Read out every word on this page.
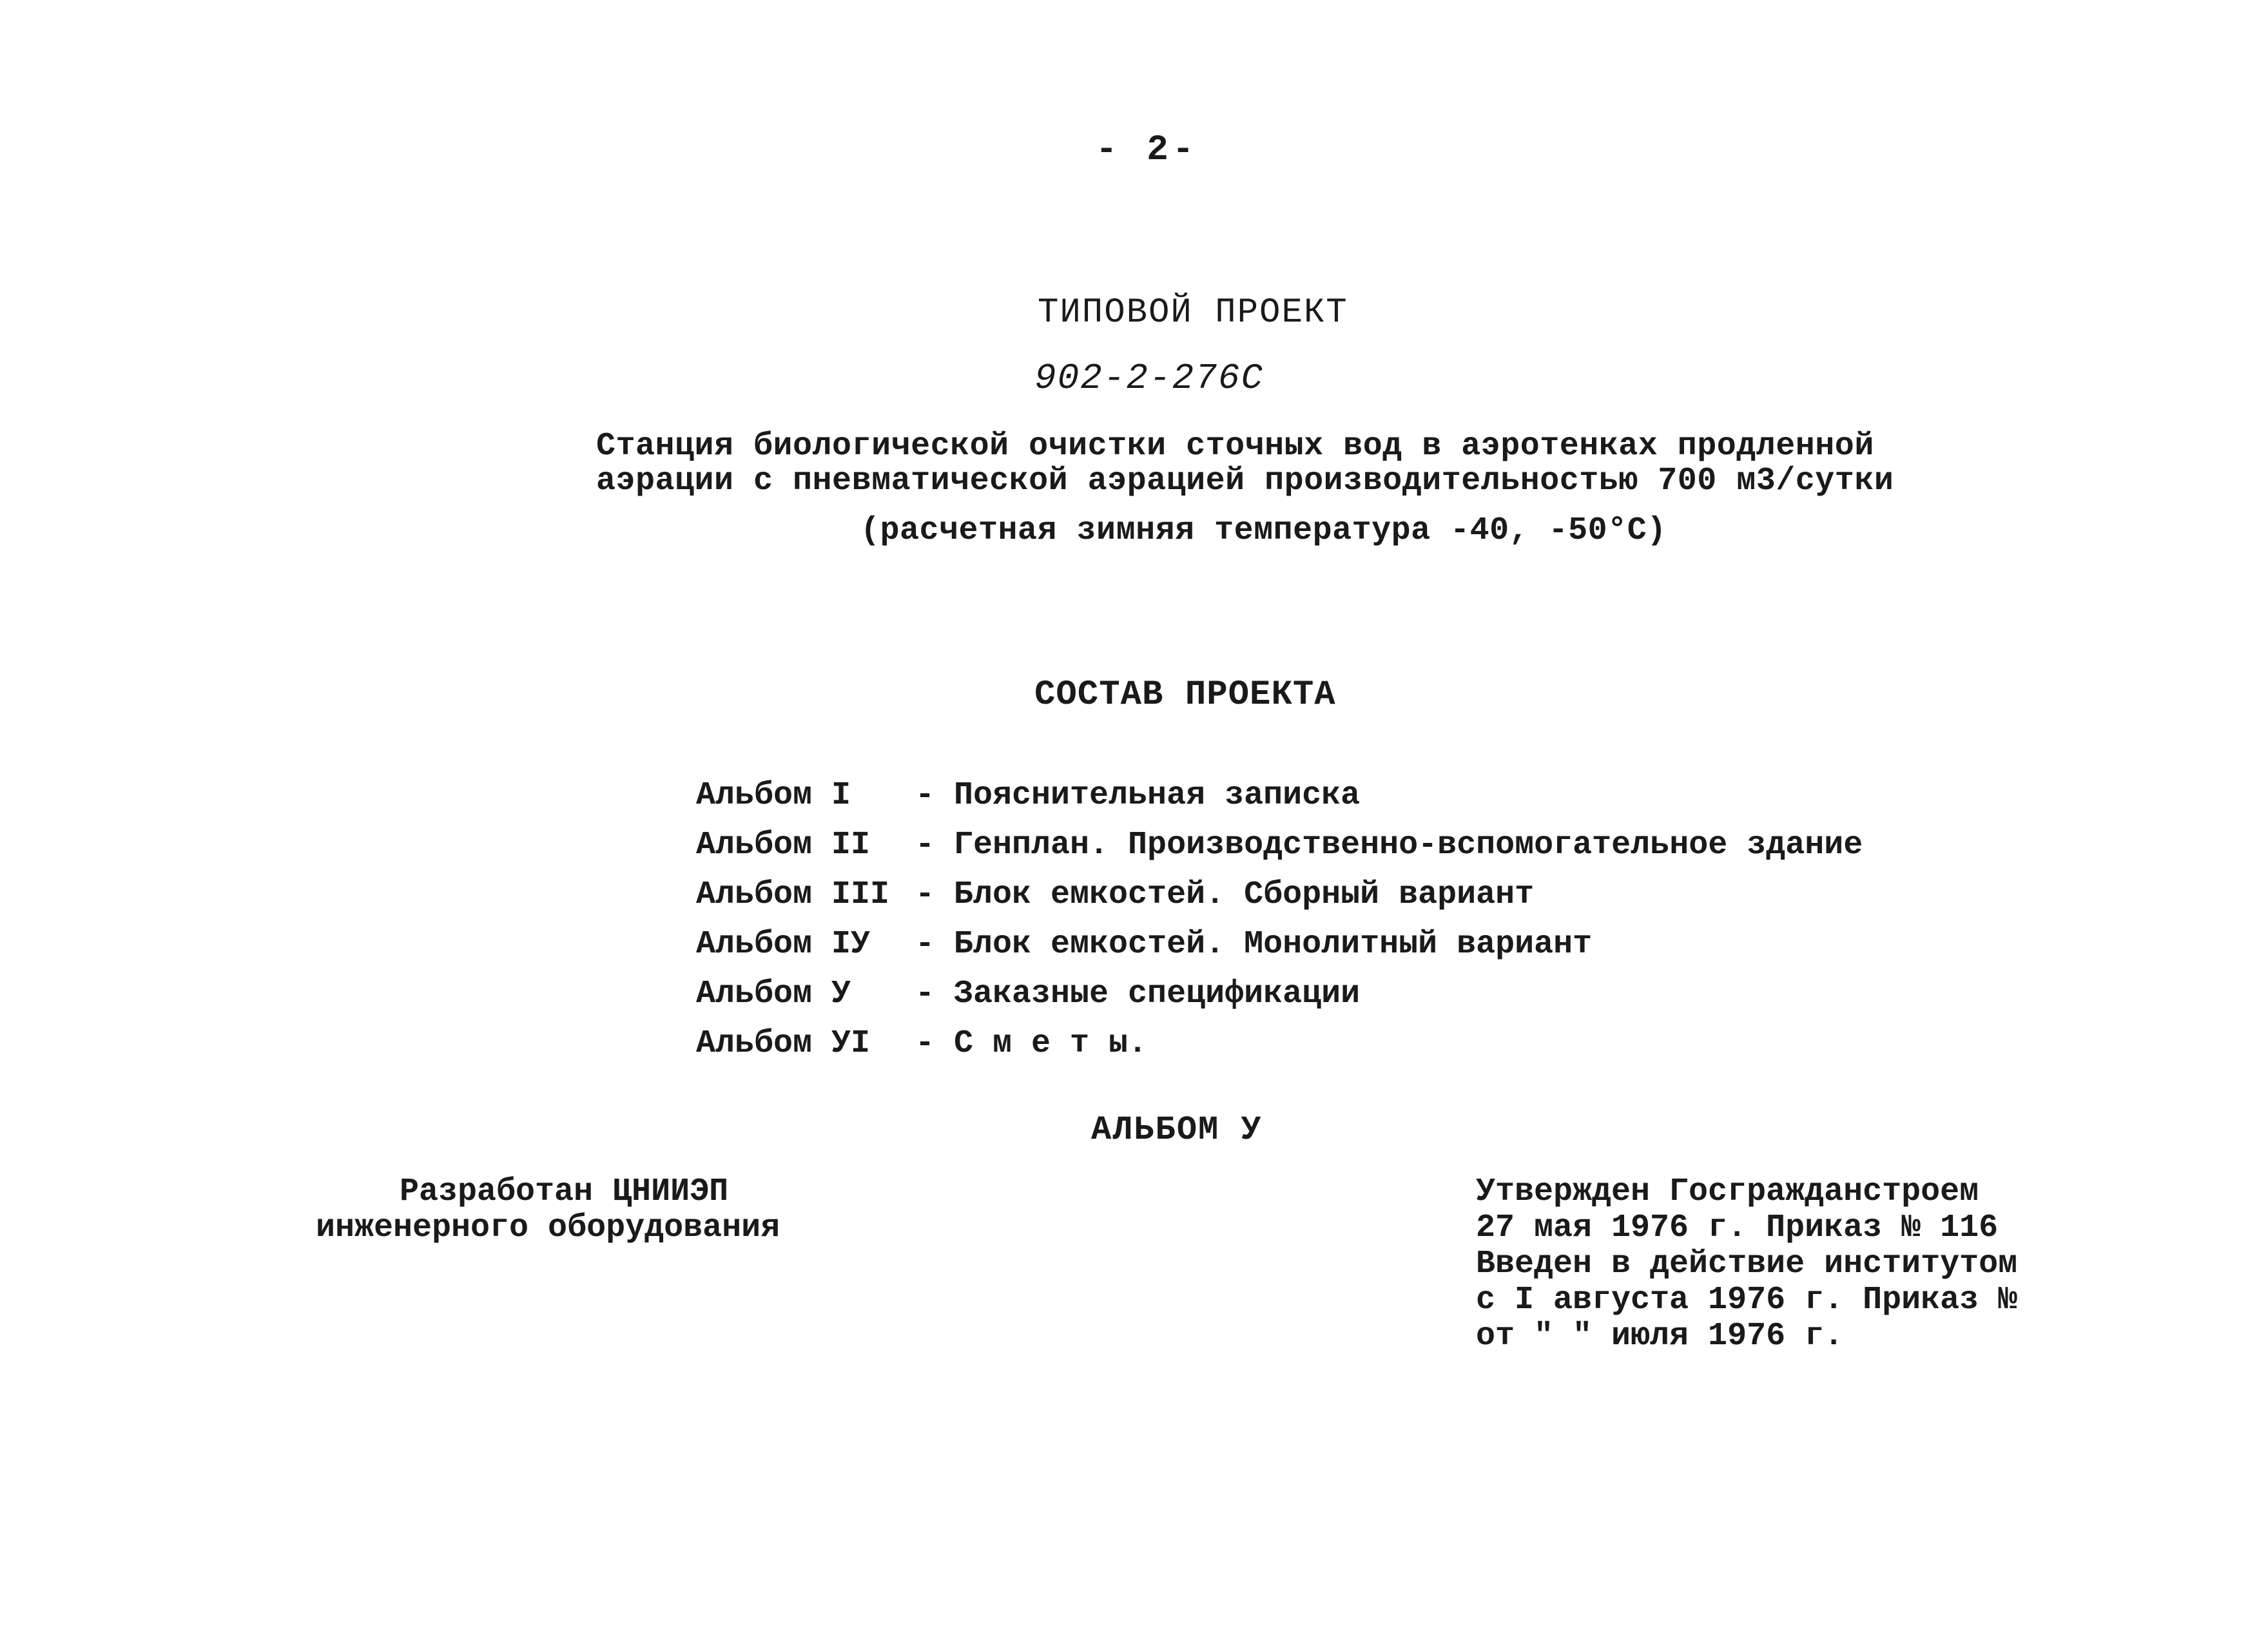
- 2-
ТИПОВОЙ ПРОЕКТ
902-2-276С
Станция биологической очистки сточных вод в аэротенках продленной
аэрации с пневматической аэрацией производительностью 700 м3/сутки
(расчетная зимняя температура -40, -50°С)
СОСТАВ ПРОЕКТА
Альбом I	- Пояснительная записка
Альбом II	- Генплан. Производственно-вспомогательное здание
Альбом III - Блок емкостей. Сборный вариант
Альбом IУ	- Блок емкостей. Монолитный вариант
Альбом У	- Заказные спецификации
Альбом УI	- С м е т ы.
АЛЬБОМ У
Разработан ЦНИИЭП
инженерного оборудования
Утвержден Госгражданстроем
27 мая 1976 г. Приказ № 116
Введен в действие институтом
с I августа 1976 г. Приказ №
от " " июля 1976 г.
